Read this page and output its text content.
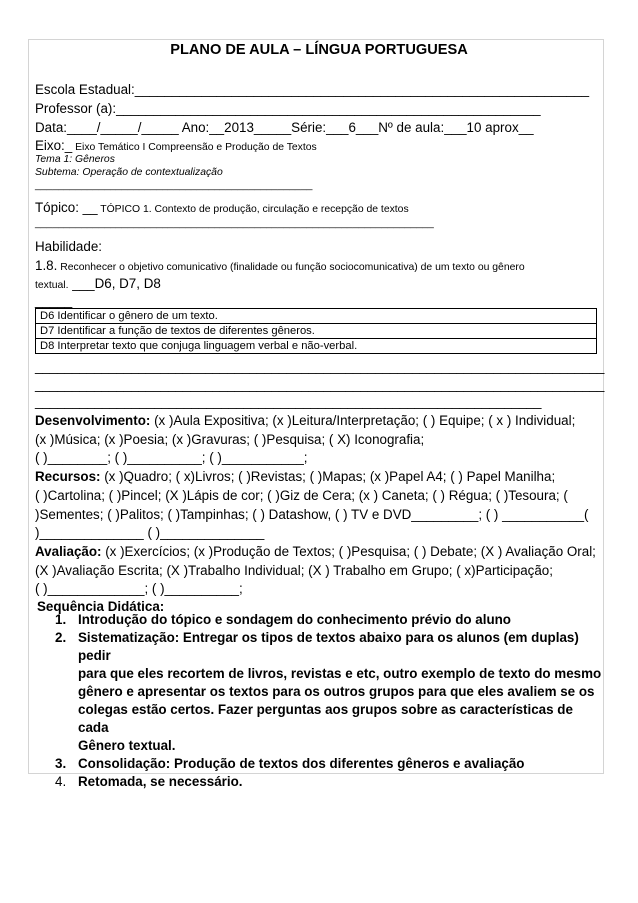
PLANO DE AULA – LÍNGUA PORTUGUESA
Escola Estadual:_____________________________________________________________
Professor (a):_________________________________________________________
Data:____/_____/_____ Ano:__2013_____Série:___6___Nº de aula:___10 aprox__
Eixo:_ Eixo Temático I Compreensão e Produção de Textos
Tema 1: Gêneros
Subtema: Operação de contextualização
________________________________________________
Tópico: __ TÓPICO 1. Contexto de produção, circulação e recepção de textos
_____________________________________________________________________
Habilidade:
1.8. Reconhecer o objetivo comunicativo (finalidade ou função sociocomunicativa) de um texto ou gênero
textual. ___D6, D7, D8
_____
D6 Identificar o gênero de um texto.
D7 Identificar a função de textos de diferentes gêneros.
D8 Interpretar texto que conjuga linguagem verbal e não-verbal.
_____________________________________________________________________________
_____________________________________________________________________________
____________________________________________________________________
Desenvolvimento: (x )Aula Expositiva; (x )Leitura/Interpretação; ( ) Equipe; ( x ) Individual;
(x )Música; (x )Poesia; (x )Gravuras; ( )Pesquisa; ( X) Iconografia;
( )________; ( )__________; ( )___________;
Recursos: (x )Quadro; ( x)Livros; ( )Revistas; ( )Mapas; (x )Papel A4; ( ) Papel Manilha;
( )Cartolina; ( )Pincel; (X )Lápis de cor; ( )Giz de Cera; (x ) Caneta; ( ) Régua; ( )Tesoura; (
)Sementes; ( )Palitos; ( )Tampinhas; ( ) Datashow, ( ) TV e DVD_________; ( ) ___________(
)______________ ( )______________
Avaliação: (x )Exercícios; (x )Produção de Textos; ( )Pesquisa; ( ) Debate; (X ) Avaliação Oral;
(X )Avaliação Escrita; (X )Trabalho Individual; (X ) Trabalho em Grupo; ( x)Participação;
( )_____________; ( )__________;
Sequência Didática:
1. Introdução do tópico e sondagem do conhecimento prévio do aluno
2. Sistematização: Entregar os tipos de textos abaixo para os alunos (em duplas) pedir
para que eles recortem de livros, revistas e etc, outro exemplo de texto do mesmo
gênero e apresentar os textos para os outros grupos para que eles avaliem se os
colegas estão certos. Fazer perguntas aos grupos sobre as características de cada
Gênero textual.
3. Consolidação: Produção de textos dos diferentes gêneros e avaliação
4. Retomada, se necessário.
